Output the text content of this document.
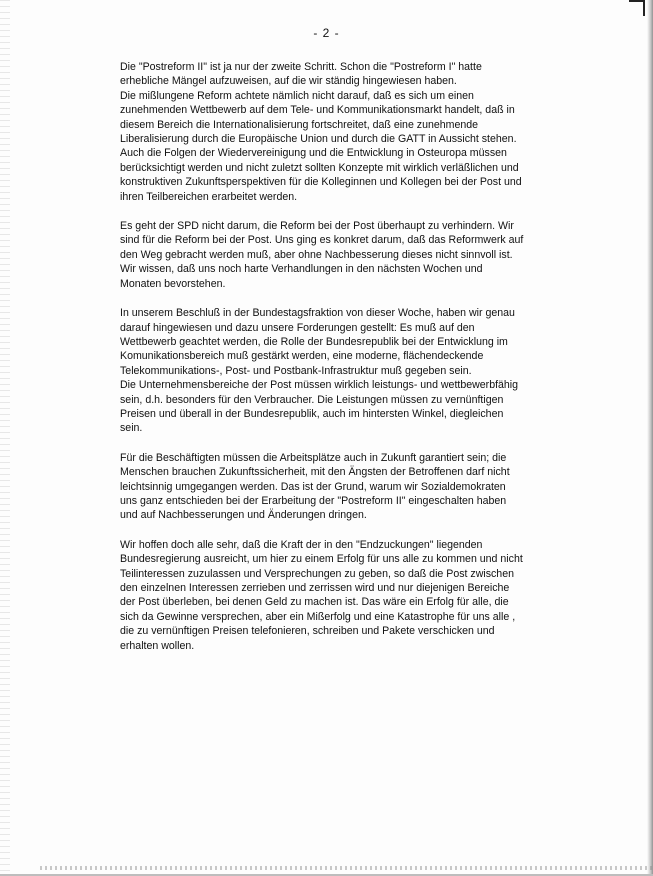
- 2 -

Die "Postreform II" ist ja nur der zweite Schritt. Schon die "Postreform I" hatte
erhebliche Mängel aufzuweisen, auf die wir ständig hingewiesen haben.
Die mißlungene Reform achtete nämlich nicht darauf, daß es sich um einen
zunehmenden Wettbewerb auf dem Tele- und Kommunikationsmarkt handelt, daß in
diesem Bereich die Internationalisierung fortschreitet, daß eine zunehmende
Liberalisierung durch die Europäische Union und durch die GATT in Aussicht stehen.
Auch die Folgen der Wiedervereinigung und die Entwicklung in Osteuropa müssen
berücksichtigt werden und nicht zuletzt sollten Konzepte mit wirklich verläßlichen und
konstruktiven Zukunftsperspektiven für die Kolleginnen und Kollegen bei der Post und
ihren Teilbereichen erarbeitet werden.

Es geht der SPD nicht darum, die Reform bei der Post überhaupt zu verhindern. Wir
sind für die Reform bei der Post. Uns ging es konkret darum, daß das Reformwerk auf
den Weg gebracht werden muß, aber ohne Nachbesserung dieses nicht sinnvoll ist.
Wir wissen, daß uns noch harte Verhandlungen in den nächsten Wochen und
Monaten bevorstehen.

In unserem Beschluß in der Bundestagsfraktion von dieser Woche, haben wir genau
darauf hingewiesen und dazu unsere Forderungen gestellt: Es muß auf den
Wettbewerb geachtet werden, die Rolle der Bundesrepublik bei der Entwicklung im
Komunikationsbereich muß gestärkt werden, eine moderne, flächendeckende
Telekommunikations-, Post- und Postbank-Infrastruktur muß gegeben sein.
Die Unternehmensbereiche der Post müssen wirklich leistungs- und wettbewerbfähig
sein, d.h. besonders für den Verbraucher. Die Leistungen müssen zu vernünftigen
Preisen und überall in der Bundesrepublik, auch im hintersten Winkel, diegleichen
sein.

Für die Beschäftigten müssen die Arbeitsplätze auch in Zukunft garantiert sein; die
Menschen brauchen Zukunftssicherheit, mit den Ängsten der Betroffenen darf nicht
leichtsinnig umgegangen werden. Das ist der Grund, warum wir Sozialdemokraten
uns ganz entschieden bei der Erarbeitung der "Postreform II" eingeschalten haben
und auf Nachbesserungen und Änderungen dringen.

Wir hoffen doch alle sehr, daß die Kraft der in den "Endzuckungen" liegenden
Bundesregierung ausreicht, um hier zu einem Erfolg für uns alle zu kommen und nicht
Teilinteressen zuzulassen und Versprechungen zu geben, so daß die Post zwischen
den einzelnen Interessen zerrieben und zerrissen wird und nur diejenigen Bereiche
der Post überleben, bei denen Geld zu machen ist. Das wäre ein Erfolg für alle, die
sich da Gewinne versprechen, aber ein Mißerfolg und eine Katastrophe für uns alle ,
die zu vernünftigen Preisen telefonieren, schreiben und Pakete verschicken und
erhalten wollen.
